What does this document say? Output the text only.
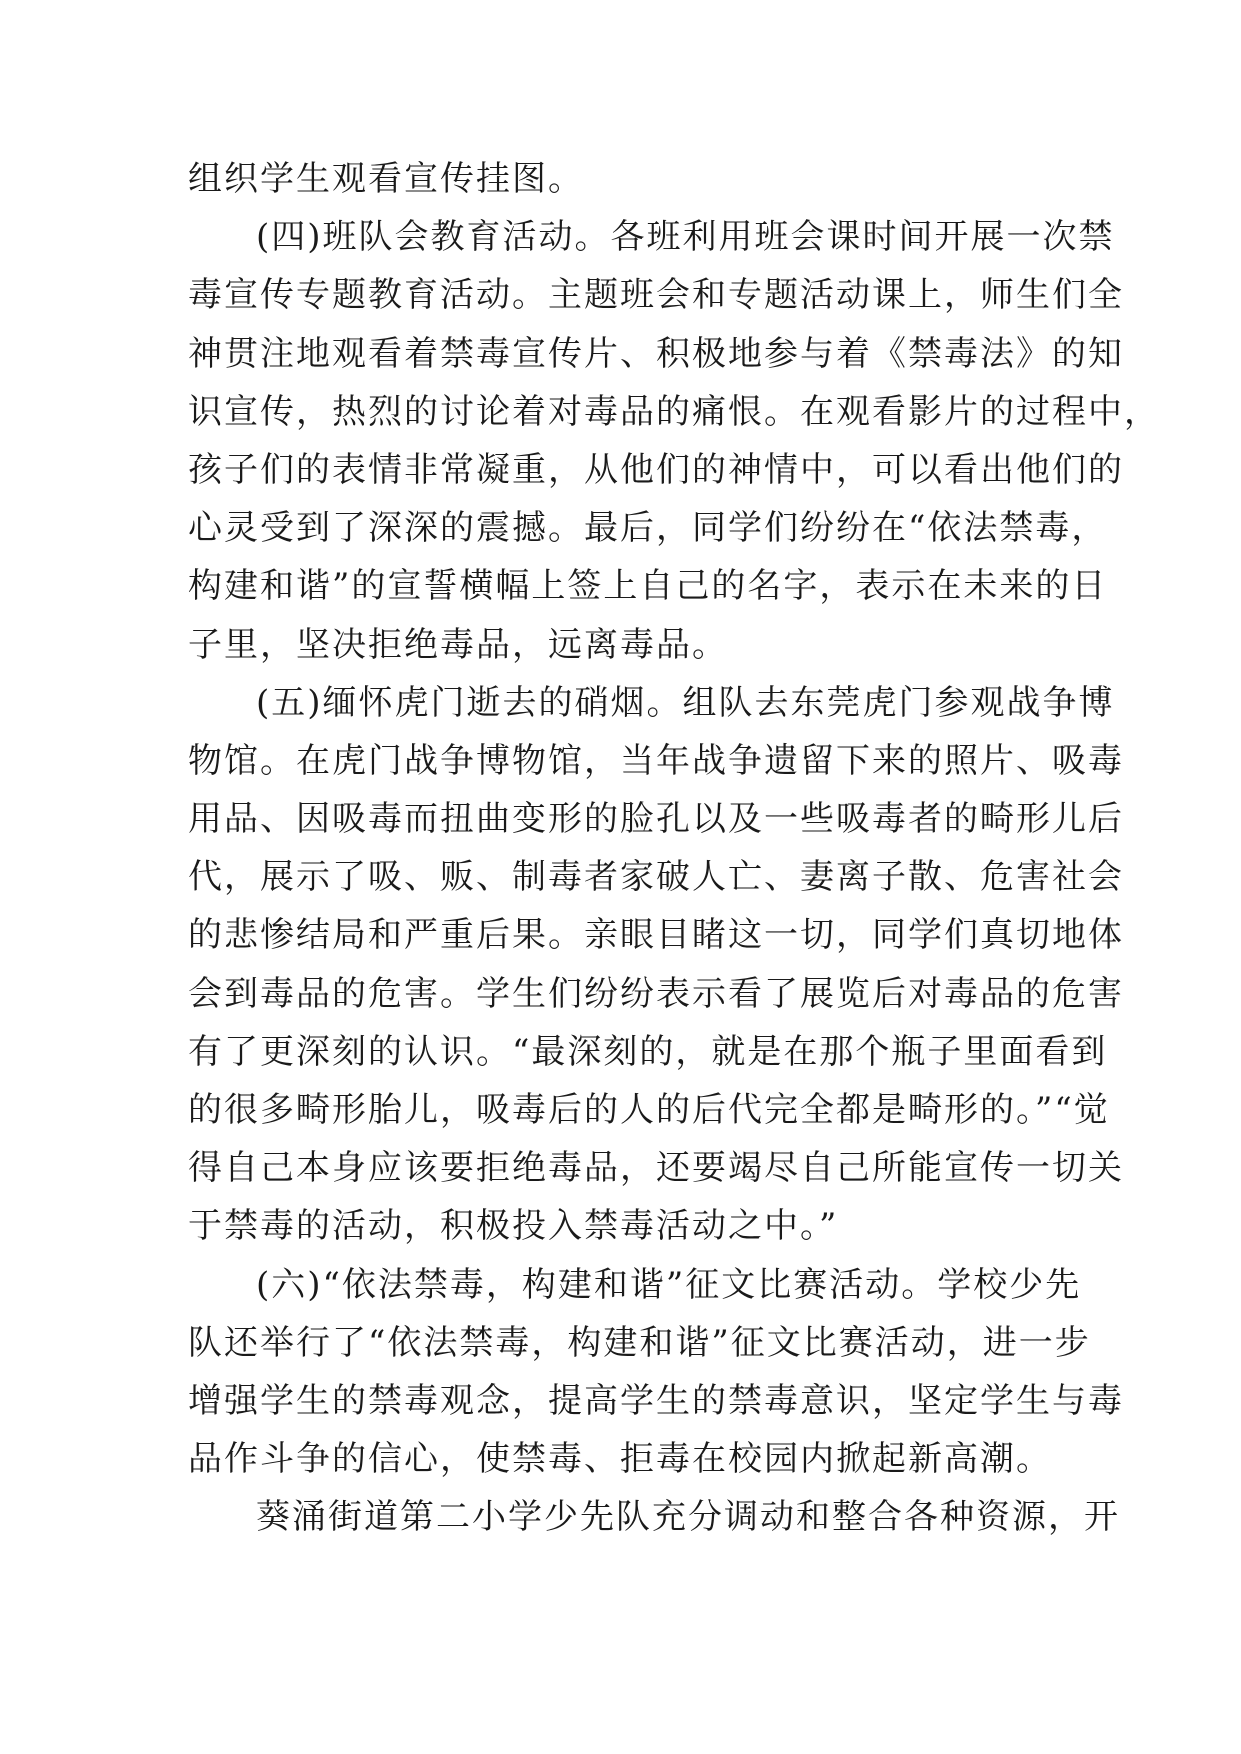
组织学生观看宣传挂图。
(四)班队会教育活动。各班利用班会课时间开展一次禁
毒宣传专题教育活动。主题班会和专题活动课上，师生们全
神贯注地观看着禁毒宣传片、积极地参与着《禁毒法》的知
识宣传，热烈的讨论着对毒品的痛恨。在观看影片的过程中，
孩子们的表情非常凝重，从他们的神情中，可以看出他们的
心灵受到了深深的震撼。最后，同学们纷纷在“依法禁毒，
构建和谐”的宣誓横幅上签上自己的名字，表示在未来的日
子里，坚决拒绝毒品，远离毒品。
(五)缅怀虎门逝去的硝烟。组队去东莞虎门参观战争博
物馆。在虎门战争博物馆，当年战争遗留下来的照片、吸毒
用品、因吸毒而扭曲变形的脸孔以及一些吸毒者的畸形儿后
代，展示了吸、贩、制毒者家破人亡、妻离子散、危害社会
的悲惨结局和严重后果。亲眼目睹这一切，同学们真切地体
会到毒品的危害。学生们纷纷表示看了展览后对毒品的危害
有了更深刻的认识。“最深刻的，就是在那个瓶子里面看到
的很多畸形胎儿，吸毒后的人的后代完全都是畸形的。”“觉
得自己本身应该要拒绝毒品，还要竭尽自己所能宣传一切关
于禁毒的活动，积极投入禁毒活动之中。”
(六)“依法禁毒，构建和谐”征文比赛活动。学校少先
队还举行了“依法禁毒，构建和谐”征文比赛活动，进一步
增强学生的禁毒观念，提高学生的禁毒意识，坚定学生与毒
品作斗争的信心，使禁毒、拒毒在校园内掀起新高潮。
葵涌街道第二小学少先队充分调动和整合各种资源，开
